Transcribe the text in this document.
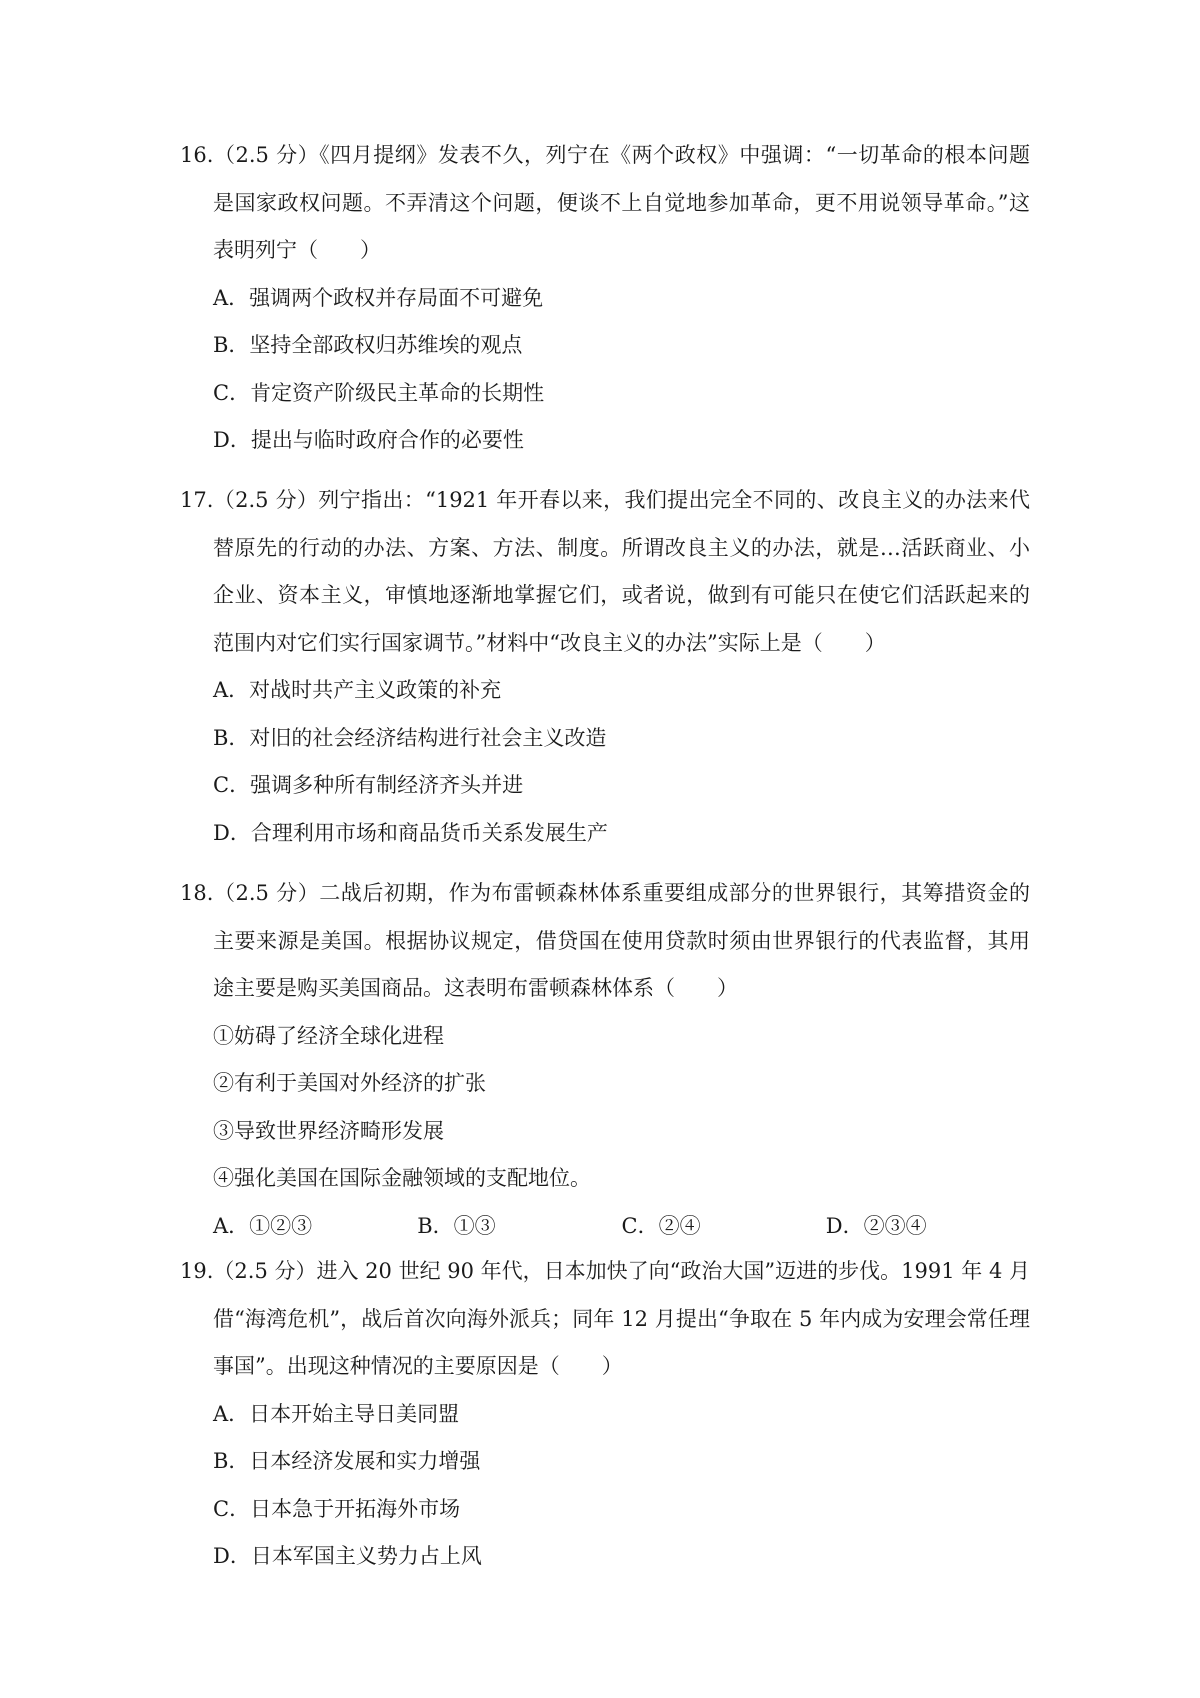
16.（2.5 分）《四月提纲》发表不久，列宁在《两个政权》中强调：“一切革命的根本问题是国家政权问题。不弄清这个问题，便谈不上自觉地参加革命，更不用说领导革命。”这表明列宁（　　）

A．强调两个政权并存局面不可避免

B．坚持全部政权归苏维埃的观点

C．肯定资产阶级民主革命的长期性

D．提出与临时政府合作的必要性

17.（2.5 分）列宁指出：“1921 年开春以来，我们提出完全不同的、改良主义的办法来代替原先的行动的办法、方案、方法、制度。所谓改良主义的办法，就是…活跃商业、小企业、资本主义，审慎地逐渐地掌握它们，或者说，做到有可能只在使它们活跃起来的范围内对它们实行国家调节。”材料中“改良主义的办法”实际上是（　　）

A．对战时共产主义政策的补充

B．对旧的社会经济结构进行社会主义改造

C．强调多种所有制经济齐头并进

D．合理利用市场和商品货币关系发展生产

18.（2.5 分）二战后初期，作为布雷顿森林体系重要组成部分的世界银行，其筹措资金的主要来源是美国。根据协议规定，借贷国在使用贷款时须由世界银行的代表监督，其用途主要是购买美国商品。这表明布雷顿森林体系（　　）

①妨碍了经济全球化进程

②有利于美国对外经济的扩张

③导致世界经济畸形发展

④强化美国在国际金融领域的支配地位。

A．①②③	B．①③	C．②④	D．②③④

19.（2.5 分）进入 20 世纪 90 年代，日本加快了向“政治大国”迈进的步伐。1991 年 4 月借“海湾危机”，战后首次向海外派兵；同年 12 月提出“争取在 5 年内成为安理会常任理事国”。出现这种情况的主要原因是（　　）

A．日本开始主导日美同盟

B．日本经济发展和实力增强

C．日本急于开拓海外市场

D．日本军国主义势力占上风
